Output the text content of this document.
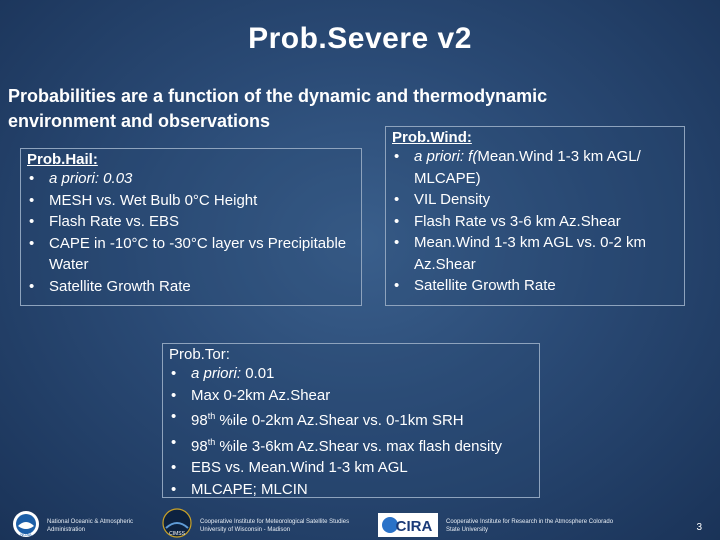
Prob.Severe v2
Probabilities are a function of the dynamic and thermodynamic environment and observations
Prob.Hail:
• a priori: 0.03
• MESH vs. Wet Bulb 0°C Height
• Flash Rate vs. EBS
• CAPE in -10°C to -30°C layer vs Precipitable Water
• Satellite Growth Rate
Prob.Wind:
• a priori: f(Mean.Wind 1-3 km AGL/ MLCAPE)
• VIL Density
• Flash Rate vs 3-6 km Az.Shear
• Mean.Wind 1-3 km AGL vs. 0-2 km Az.Shear
• Satellite Growth Rate
Prob.Tor:
• a priori: 0.01
• Max 0-2km Az.Shear
• 98th %ile 0-2km Az.Shear vs. 0-1km SRH
• 98th %ile 3-6km Az.Shear vs. max flash density
• EBS vs. Mean.Wind 1-3 km AGL
• MLCAPE; MLCIN
NOAA
National Oceanic & Atmospheric Administration
CIMSS
Cooperative Institute for Meteorological Satellite Studies University of Wisconsin - Madison	CIRA Cooperative Institute for Research in the Atmosphere Colorado State University	3
